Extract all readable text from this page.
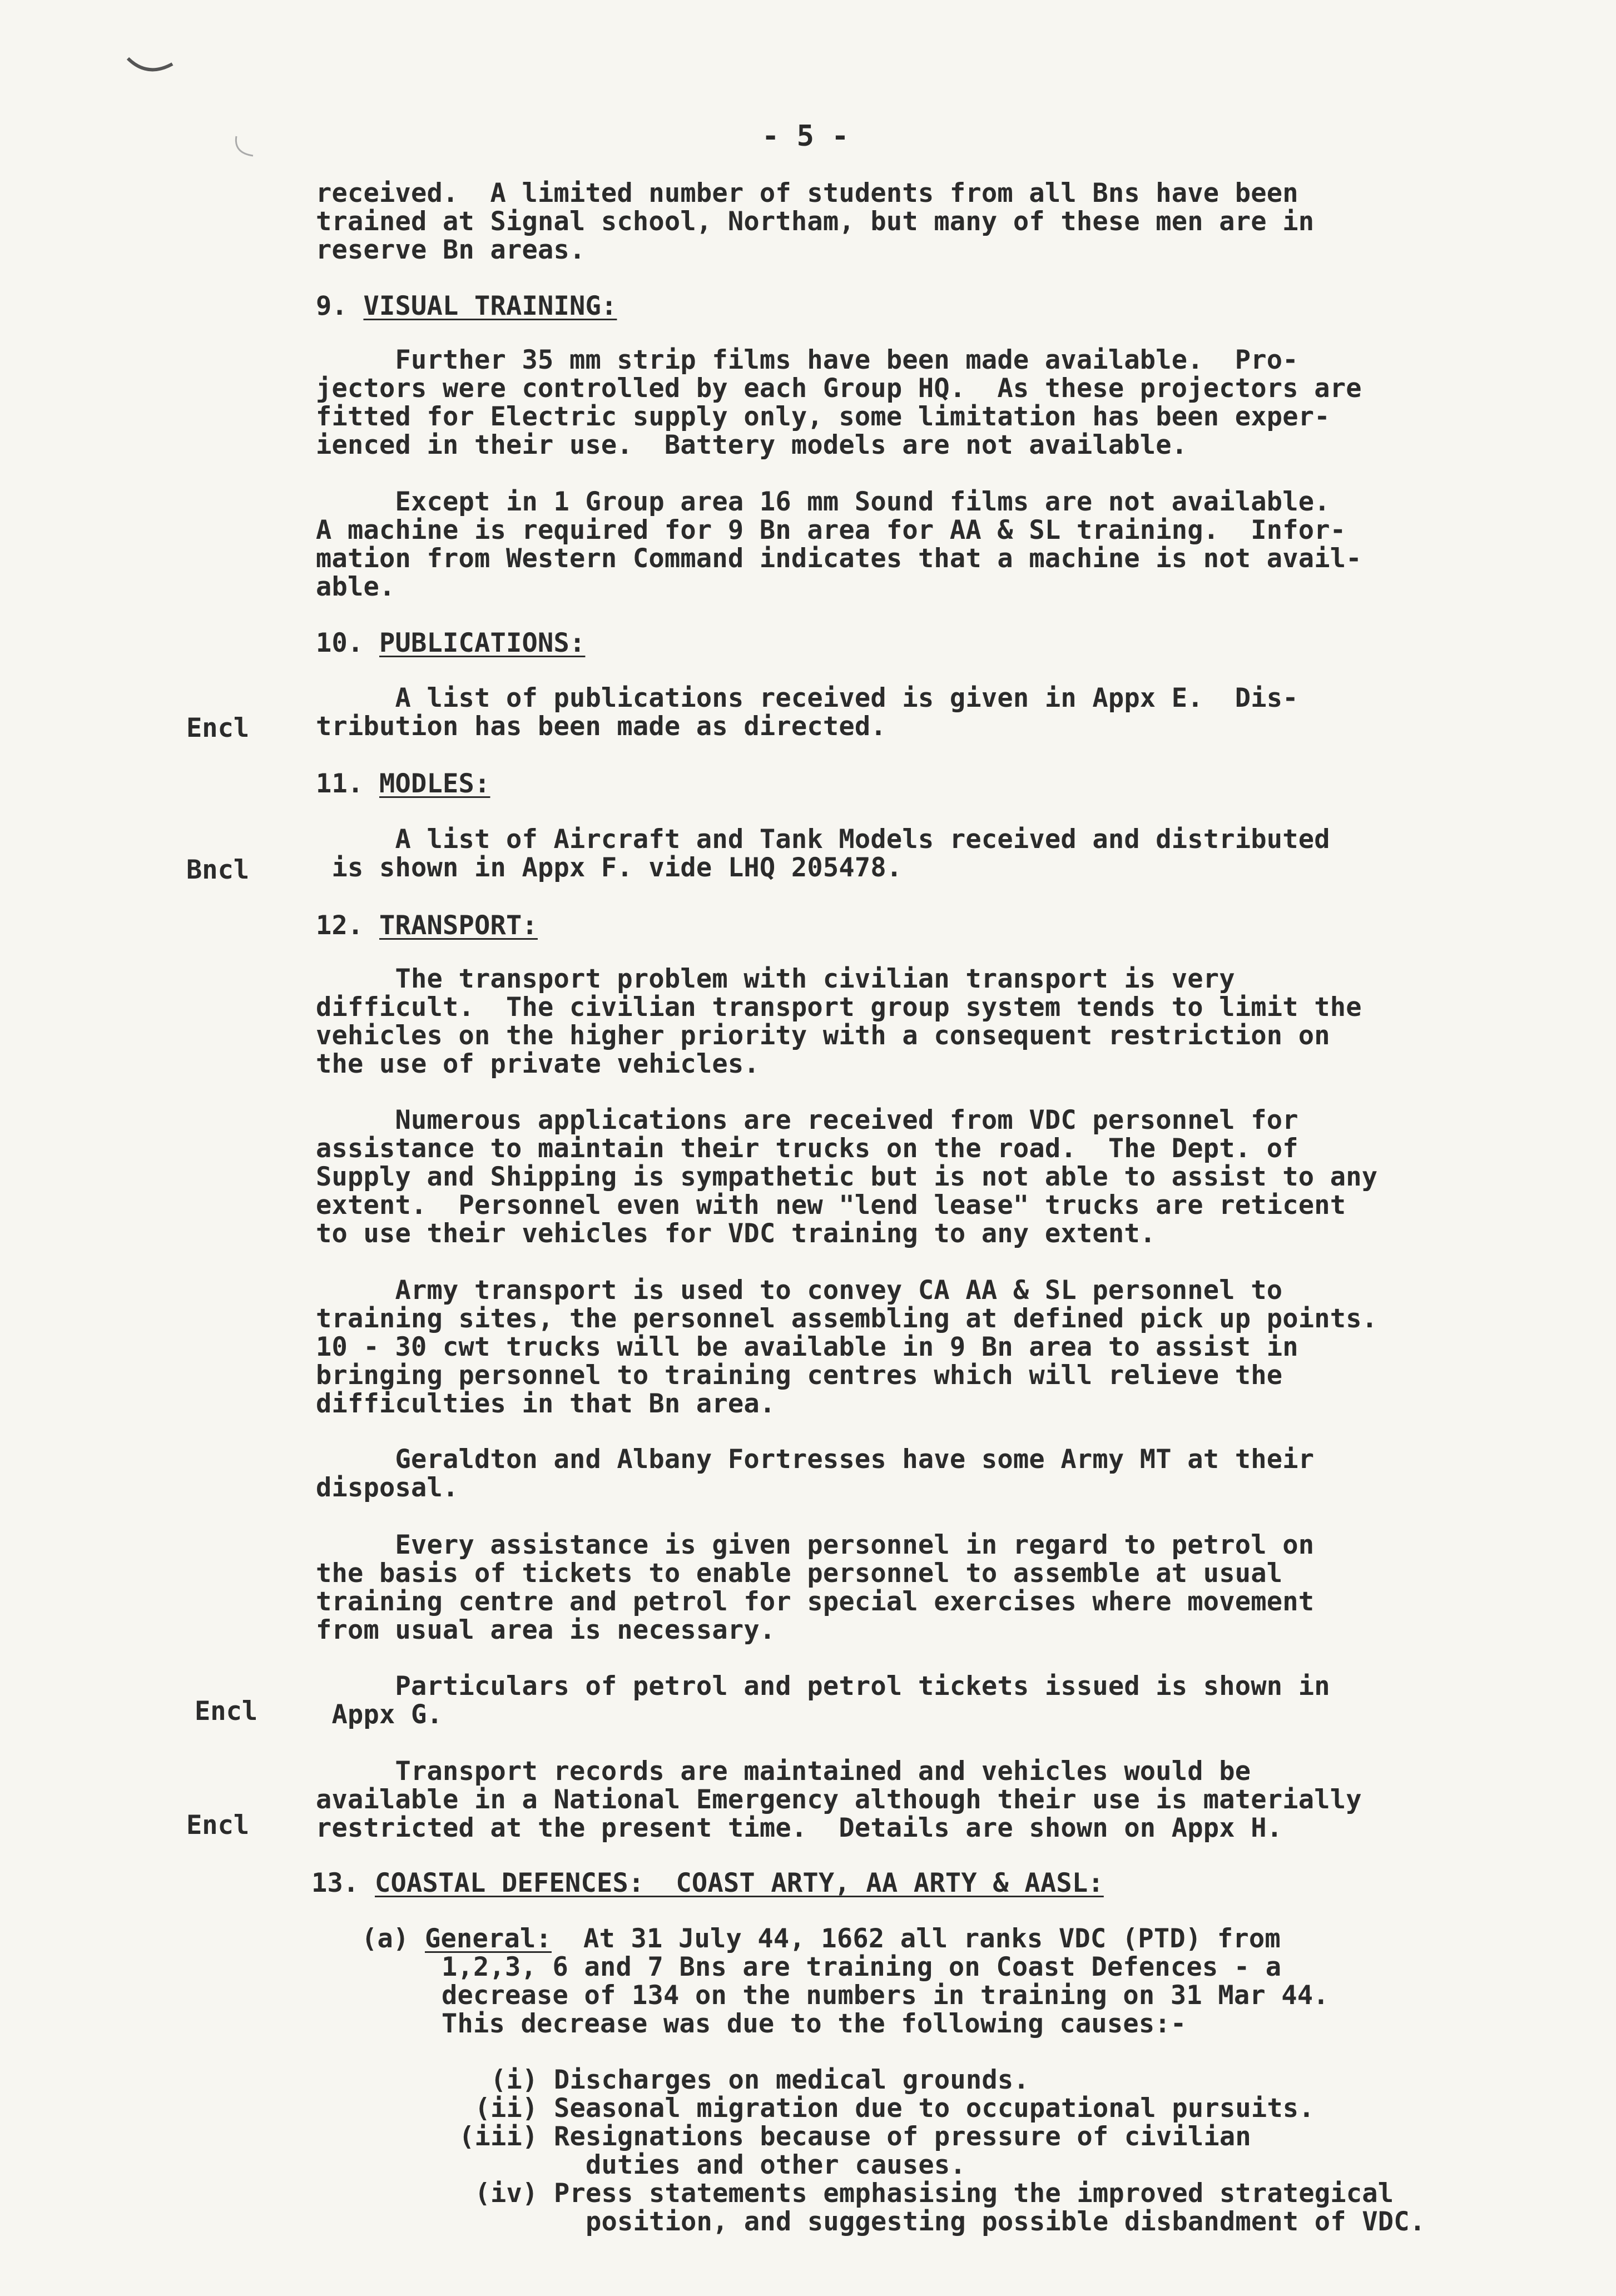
- 5 -
received.  A limited number of students from all Bns have been
trained at Signal school, Northam, but many of these men are in
reserve Bn areas.
9. VISUAL TRAINING:
Further 35 mm strip films have been made available.  Pro-
jectors were controlled by each Group HQ.  As these projectors are
fitted for Electric supply only, some limitation has been exper-
ienced in their use.  Battery models are not available.
Except in 1 Group area 16 mm Sound films are not available.
A machine is required for 9 Bn area for AA & SL training.  Infor-
mation from Western Command indicates that a machine is not avail-
able.
10. PUBLICATIONS:
A list of publications received is given in Appx E.  Dis-
tribution has been made as directed.
11. MODLES:
A list of Aircraft and Tank Models received and distributed
is shown in Appx F. vide LHQ 205478.
12. TRANSPORT:
The transport problem with civilian transport is very
difficult.  The civilian transport group system tends to limit the
vehicles on the higher priority with a consequent restriction on
the use of private vehicles.
Numerous applications are received from VDC personnel for
assistance to maintain their trucks on the road.  The Dept. of
Supply and Shipping is sympathetic but is not able to assist to any
extent.  Personnel even with new "lend lease" trucks are reticent
to use their vehicles for VDC training to any extent.
Army transport is used to convey CA AA & SL personnel to
training sites, the personnel assembling at defined pick up points.
10 - 30 cwt trucks will be available in 9 Bn area to assist in
bringing personnel to training centres which will relieve the
difficulties in that Bn area.
Geraldton and Albany Fortresses have some Army MT at their
disposal.
Every assistance is given personnel in regard to petrol on
the basis of tickets to enable personnel to assemble at usual
training centre and petrol for special exercises where movement
from usual area is necessary.
Particulars of petrol and petrol tickets issued is shown in
Appx G.
Transport records are maintained and vehicles would be
available in a National Emergency although their use is materially
restricted at the present time.  Details are shown on Appx H.
13. COASTAL DEFENCES:  COAST ARTY, AA ARTY & AASL:
(a) General:  At 31 July 44, 1662 all ranks VDC (PTD) from
1,2,3, 6 and 7 Bns are training on Coast Defences - a
decrease of 134 on the numbers in training on 31 Mar 44.
This decrease was due to the following causes:-
(i) Discharges on medical grounds.
(ii) Seasonal migration due to occupational pursuits.
(iii) Resignations because of pressure of civilian
duties and other causes.
(iv) Press statements emphasising the improved strategical
position, and suggesting possible disbandment of VDC.
Encl
Bncl
Encl
Encl
